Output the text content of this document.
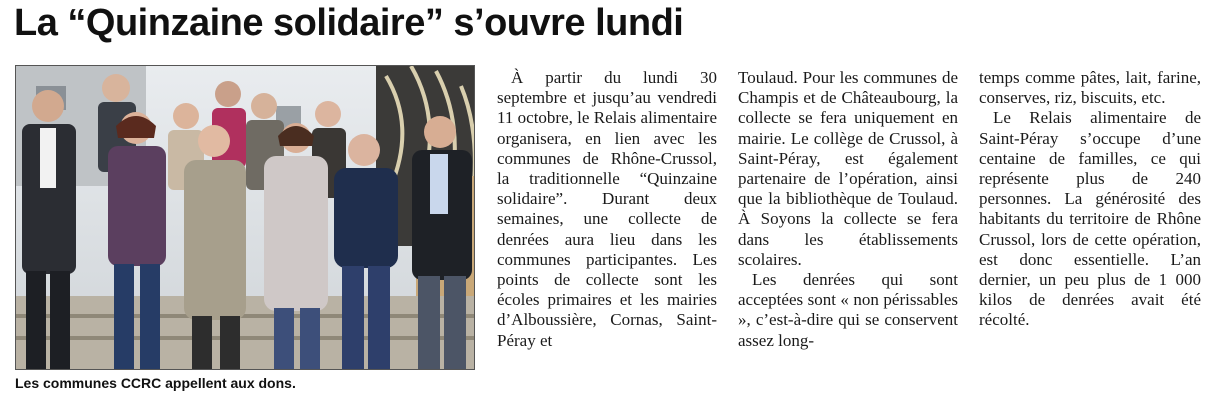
La “Quinzaine solidaire” s’ouvre lundi
Les communes CCRC appellent aux dons.

À partir du lundi 30 septembre et jusqu’au vendredi 11 octobre, le Relais alimentaire organisera, en lien avec les communes de Rhône-Crussol, la traditionnelle “Quinzaine solidaire”. Durant deux semaines, une collecte de denrées aura lieu dans les communes participantes. Les points de collecte sont les écoles primaires et les mairies d’Alboussière, Cornas, Saint-Péray et

Toulaud. Pour les communes de Champis et de Châteaubourg, la collecte se fera uniquement en mairie. Le collège de Crussol, à Saint-Péray, est également partenaire de l’opération, ainsi que la bibliothèque de Toulaud. À Soyons la collecte se fera dans les établissements scolaires.

Les denrées qui sont acceptées sont « non périssables », c’est-à-dire qui se conservent assez long-

temps comme pâtes, lait, farine, conserves, riz, biscuits, etc.

Le Relais alimentaire de Saint-Péray s’occupe d’une centaine de familles, ce qui représente plus de 240 personnes. La générosité des habitants du territoire de Rhône Crussol, lors de cette opération, est donc essentielle. L’an dernier, un peu plus de 1 000 kilos de denrées avait été récolté.
